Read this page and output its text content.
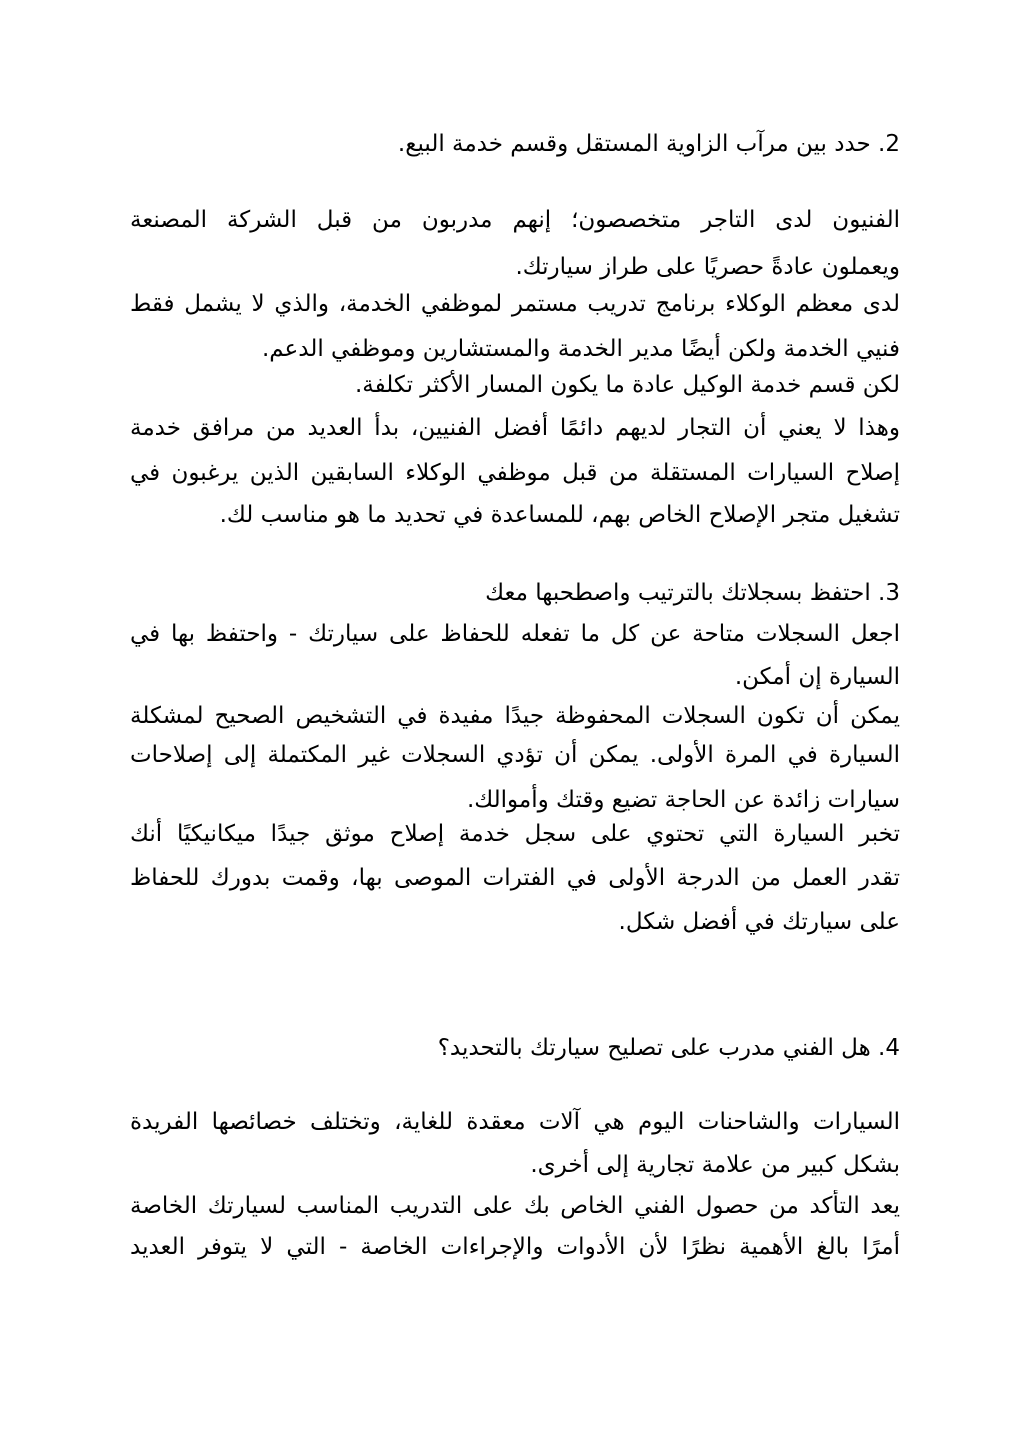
2. حدد بين مرآب الزاوية المستقل وقسم خدمة البيع.
الفنيون لدى التاجر متخصصون؛ إنهم مدربون من قبل الشركة المصنعة
ويعملون عادةً حصريًا على طراز سيارتك.
لدى معظم الوكلاء برنامج تدريب مستمر لموظفي الخدمة، والذي لا يشمل فقط
فنيي الخدمة ولكن أيضًا مدير الخدمة والمستشارين وموظفي الدعم.
لكن قسم خدمة الوكيل عادة ما يكون المسار الأكثر تكلفة.
وهذا لا يعني أن التجار لديهم دائمًا أفضل الفنيين، بدأ العديد من مرافق خدمة
إصلاح السيارات المستقلة من قبل موظفي الوكلاء السابقين الذين يرغبون في
تشغيل متجر الإصلاح الخاص بهم، للمساعدة في تحديد ما هو مناسب لك.
3. احتفظ بسجلاتك بالترتيب واصطحبها معك
اجعل السجلات متاحة عن كل ما تفعله للحفاظ على سيارتك - واحتفظ بها في
السيارة إن أمكن.
يمكن أن تكون السجلات المحفوظة جيدًا مفيدة في التشخيص الصحيح لمشكلة
السيارة في المرة الأولى. يمكن أن تؤدي السجلات غير المكتملة إلى إصلاحات
سيارات زائدة عن الحاجة تضيع وقتك وأموالك.
تخبر السيارة التي تحتوي على سجل خدمة إصلاح موثق جيدًا ميكانيكيًا أنك
تقدر العمل من الدرجة الأولى في الفترات الموصى بها، وقمت بدورك للحفاظ
على سيارتك في أفضل شكل.
4. هل الفني مدرب على تصليح سيارتك بالتحديد؟
السيارات والشاحنات اليوم هي آلات معقدة للغاية، وتختلف خصائصها الفريدة
بشكل كبير من علامة تجارية إلى أخرى.
يعد التأكد من حصول الفني الخاص بك على التدريب المناسب لسيارتك الخاصة
أمرًا بالغ الأهمية نظرًا لأن الأدوات والإجراءات الخاصة - التي لا يتوفر العديد
